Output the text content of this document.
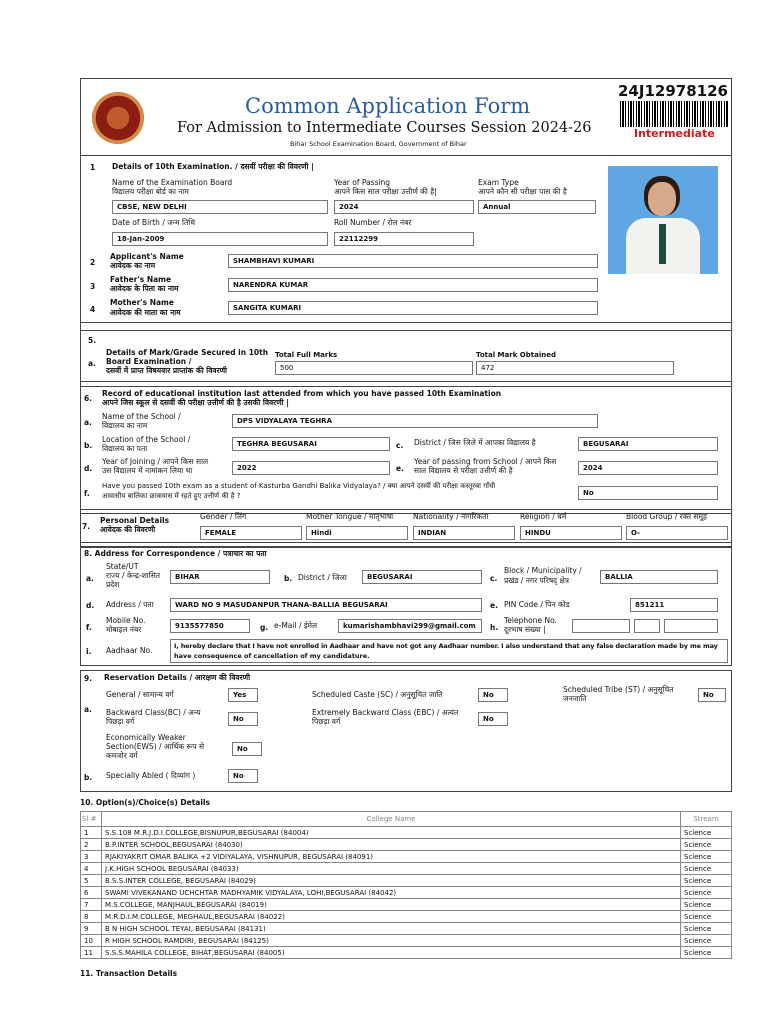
Common Application Form
For Admission to Intermediate Courses Session 2024-26
Bihar School Examination Board, Government of Bihar
24J12978126
Intermediate
1 Details of 10th Examination. / दसवीं परीक्षा की विवरणी |
Name of the Examination Board
विद्यालय परीक्षा बोर्ड का नाम
CBSE, NEW DELHI
Year of Passing
आपने किस साल परीक्षा उत्तीर्ण की है|
2024
Exam Type
आपने कौन सी परीक्षा पास की है
Annual
Date of Birth / जन्म तिथि
18-Jan-2009
Roll Number / रोल नंबर
22112299
2
Applicant's Name
आवेदक का नाम	SHAMBHAVI KUMARI
3
Father's Name
आवेदक के पिता का नाम	NARENDRA KUMAR
4
Mother's Name
आवेदक की माता का नाम	SANGITA KUMARI
5.
a.
Details of Mark/Grade Secured in 10th
Board Examination /
दसवीं में प्राप्त विषयवार प्राप्तांक की विवरणी
Total Full Marks
500
Total Mark Obtained
472
6.
Record of educational institution last attended from which you have passed 10th Examination
आपने जिस स्कूल से दसवीं की परीक्षा उत्तीर्ण की है उसकी विवरणी |
a.
Name of the School /
विद्यालय का नाम	DPS VIDYALAYA TEGHRA
b.
Location of the School /
विद्यालय का पता	TEGHRA BEGUSARAI	c. District / जिस जिले में आपका विद्यालय है	BEGUSARAI
d.
Year of Joining / आपने किस साल
उस विद्यालय में नामांकन लिया था	2022	e.
Year of passing from School / आपने किस
साल विद्यालय से परीक्षा उत्तीर्ण की है	2024
f.
Have you passed 10th exam as a student of Kasturba Gandhi Balika Vidyalaya? / क्या आपने दसवीं की परीक्षा कस्तूरबा गाँधी
आवासीय बालिका छात्रावास में रहते हुए उत्तीर्ण की है ?	No
7.
Personal Details
आवेदक की विवरणी
Gender / लिंग
FEMALE
Mother Tongue / मातृभाषा
Hindi
Nationality / नागरिकता
INDIAN
Religion / धर्म
HINDU
Blood Group / रक्त समूह
O-
8. Address for Correspondence / पत्राचार का पता
a.
State/UT
राज्य / केन्द्र-शासित
प्रदेश
BIHAR	b. District / जिला	BEGUSARAI	c.
Block / Municipality /
प्रखंड / नगर परिषद् क्षेत्र	BALLIA
d. Address / पता	WARD NO 9 MASUDANPUR THANA-BALLIA BEGUSARAI	e. PIN Code / पिन कोड	851211
f.
Mobile No.
मोबाइल नंबर	9135577850	g. e-Mail / ईमेल	kumarishambhavi299@gmail.com	h.
Telephone No.
दूरभाष संख्या |
i. Aadhaar No.	I, hereby declare that I have not enrolled in Aadhaar and have not got any Aadhaar number. I also understand that any false declaration made by me may
have consequence of cancellation of my candidature.
9. Reservation Details / आरक्षण की विवरणी
a.
b.
General / सामान्य वर्ग	Yes	Scheduled Caste (SC) / अनुसूचित जाति	No
Scheduled Tribe (ST) / अनुसूचित
जनजाति	No
Backward Class(BC) / अन्य
पिछड़ा वर्ग	No
Extremely Backward Class (EBC) / अत्यंत
पिछड़ा वर्ग	No
Economically Weaker
Section(EWS) / आर्थिक रूप से
कमजोर वर्ग
No
Specially Abled ( दिव्यांग )	No
10. Option(s)/Choice(s) Details
Sl #	College Name	Stream
1	S.S.108 M.R.J.D.I.COLLEGE,BISNUPUR,BEGUSARAI (84004)	Science
2	B.P.INTER SCHOOL,BEGUSARAI (84030)	Science
3	RJAKIYAKRIT OMAR BALIKA +2 VIDIYALAYA, VISHNUPUR, BEGUSARAI (84091)	Science
4	J.K.HIGH SCHOOL BEGUSARAI (84033)	Science
5	B.S.S.INTER COLLEGE, BEGUSARAI (84029)	Science
6	SWAMI VIVEKANAND UCHCHTAR MADHYAMIK VIDYALAYA, LOHI,BEGUSARAI (84042)	Science
7	M.S.COLLEGE, MANJHAUL,BEGUSARAI (84019)	Science
8	M.R.D.I.M.COLLEGE, MEGHAUL,BEGUSARAI (84022)	Science
9	B N HIGH SCHOOL TEYAI, BEGUSARAI (84131)	Science
10	R HIGH SCHOOL RAMDIRI, BEGUSARAI (84125)	Science
11	S.S.S.MAHILA COLLEGE, BIHAT,BEGUSARAI (84005)	Science
11. Transaction Details
